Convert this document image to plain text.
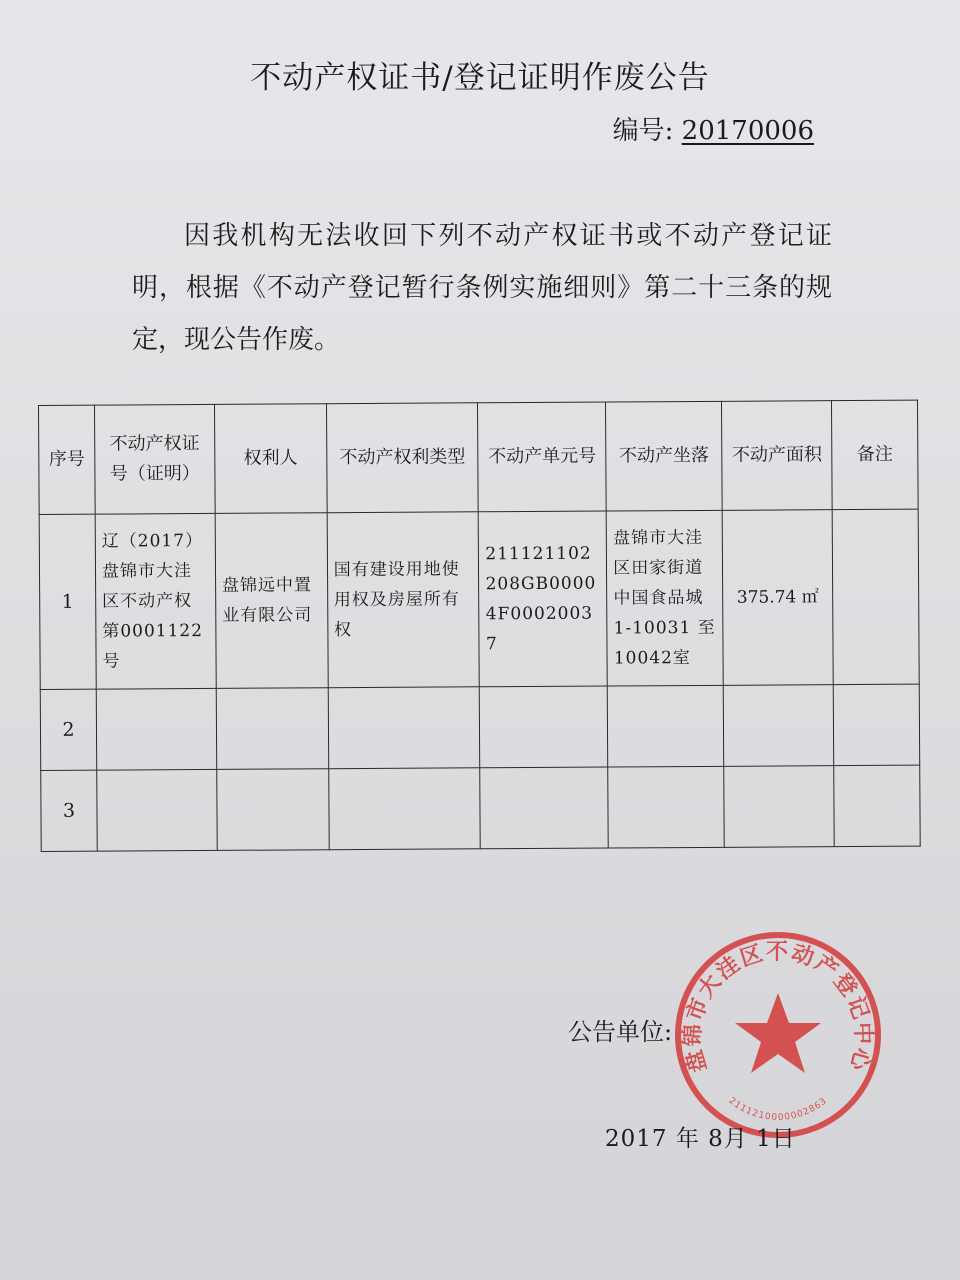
不动产权证书/登记证明作废公告
编号: 20170006
因我机构无法收回下列不动产权证书或不动产登记证明，根据《不动产登记暂行条例实施细则》第二十三条的规定，现公告作废。
序号	不动产权证号（证明）	权利人	不动产权利类型	不动产单元号	不动产坐落	不动产面积	备注
1	辽（2017）盘锦市大洼区不动产权第0001122号	盘锦远中置业有限公司	国有建设用地使用权及房屋所有权	211121102208GB00004F00020037	盘锦市大洼区田家街道中国食品城1-10031 至10042室	375.74 ㎡	
2							
3							
公告单位:
盘锦市大洼区不动产登记中心
2111210000002863
2017 年 8月 1日
